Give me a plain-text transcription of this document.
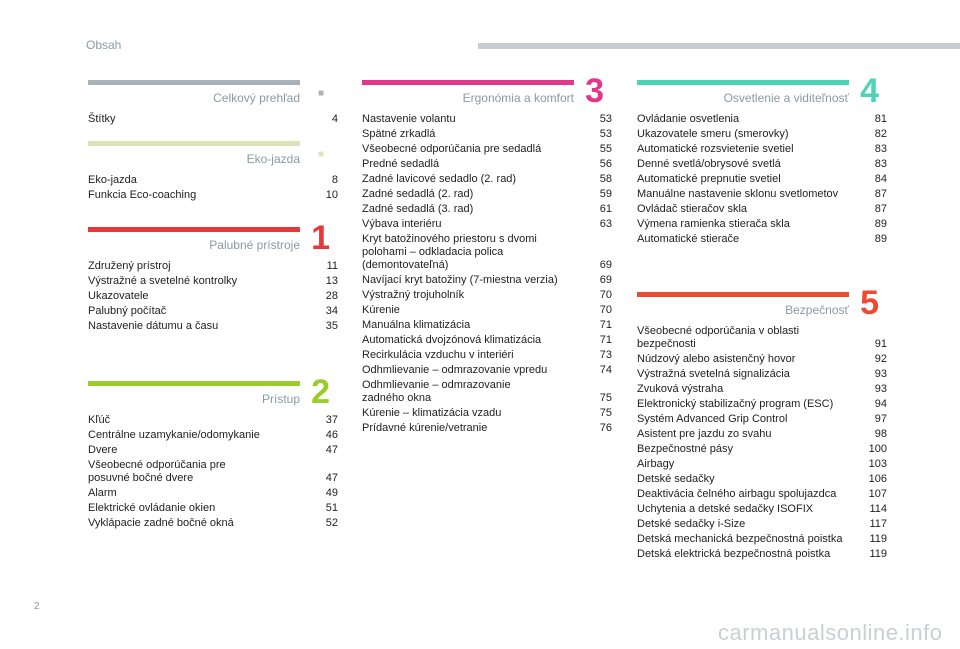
Obsah
Celkový prehľad ■
Štítky	4
Eko-jazda ■
Eko-jazda	8
Funkcia Eco-coaching	10
Palubné prístroje 1
Združený prístroj	11
Výstražné a svetelné kontrolky	13
Ukazovatele	28
Palubný počítač	34
Nastavenie dátumu a času	35
Prístup 2
Kľúč	37
Centrálne uzamykanie/odomykanie	46
Dvere	47
Všeobecné odporúčania pre
posuvné bočné dvere	47
Alarm	49
Elektrické ovládanie okien	51
Vyklápacie zadné bočné okná	52
Ergonómia a komfort 3
Nastavenie volantu	53
Spätné zrkadlá	53
Všeobecné odporúčania pre sedadlá	55
Predné sedadlá	56
Zadné lavicové sedadlo (2. rad)	58
Zadné sedadlá (2. rad)	59
Zadné sedadlá (3. rad)	61
Výbava interiéru	63
Kryt batožinového priestoru s dvomi
polohami – odkladacia polica
(demontovateľná)	69
Navíjací kryt batožiny (7-miestna verzia)	69
Výstražný trojuholník	70
Kúrenie	70
Manuálna klimatizácia	71
Automatická dvojzónová klimatizácia	71
Recirkulácia vzduchu v interiéri	73
Odhmlievanie – odmrazovanie vpredu	74
Odhmlievanie – odmrazovanie
zadného okna	75
Kúrenie – klimatizácia vzadu	75
Prídavné kúrenie/vetranie	76
Osvetlenie a viditeľnosť 4
Ovládanie osvetlenia	81
Ukazovatele smeru (smerovky)	82
Automatické rozsvietenie svetiel	83
Denné svetlá/obrysové svetlá	83
Automatické prepnutie svetiel	84
Manuálne nastavenie sklonu svetlometov	87
Ovládač stieračov skla	87
Výmena ramienka stierača skla	89
Automatické stierače	89
Bezpečnosť 5
Všeobecné odporúčania v oblasti
bezpečnosti	91
Núdzový alebo asistenčný hovor	92
Výstražná svetelná signalizácia	93
Zvuková výstraha	93
Elektronický stabilizačný program (ESC)	94
Systém Advanced Grip Control	97
Asistent pre jazdu zo svahu	98
Bezpečnostné pásy	100
Airbagy	103
Detské sedačky	106
Deaktivácia čelného airbagu spolujazdca	107
Uchytenia a detské sedačky ISOFIX	114
Detské sedačky i-Size	117
Detská mechanická bezpečnostná poistka	119
Detská elektrická bezpečnostná poistka	119
2
carmanualsonline.info
